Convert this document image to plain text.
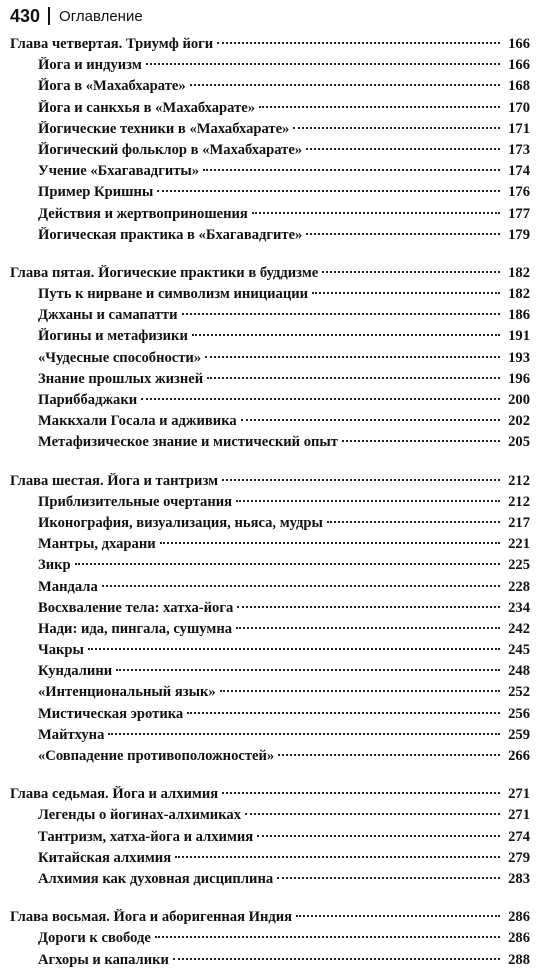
430 Оглавление
Глава четвертая. Триумф йоги	166
Йога и индуизм	166
Йога в «Махабхарате»	168
Йога и санкхья в «Махабхарате»	170
Йогические техники в «Махабхарате»	171
Йогический фольклор в «Махабхарате»	173
Учение «Бхагавадгиты»	174
Пример Кришны	176
Действия и жертвоприношения	177
Йогическая практика в «Бхагавадгите»	179
Глава пятая. Йогические практики в буддизме	182
Путь к нирване и символизм инициации	182
Джханы и самапатти	186
Йогины и метафизики	191
«Чудесные способности»	193
Знание прошлых жизней	196
Париббаджаки	200
Маккхали Госала и адживика	202
Метафизическое знание и мистический опыт	205
Глава шестая. Йога и тантризм	212
Приблизительные очертания	212
Иконография, визуализация, ньяса, мудры	217
Мантры, дхарани	221
Зикр	225
Мандала	228
Восхваление тела: хатха-йога	234
Нади: ида, пингала, сушумна	242
Чакры	245
Кундалини	248
«Интенциональный язык»	252
Мистическая эротика	256
Майтхуна	259
«Совпадение противоположностей»	266
Глава седьмая. Йога и алхимия	271
Легенды о йогинах-алхимиках	271
Тантризм, хатха-йога и алхимия	274
Китайская алхимия	279
Алхимия как духовная дисциплина	283
Глава восьмая. Йога и аборигенная Индия	286
Дороги к свободе	286
Агхоры и капалики	288
